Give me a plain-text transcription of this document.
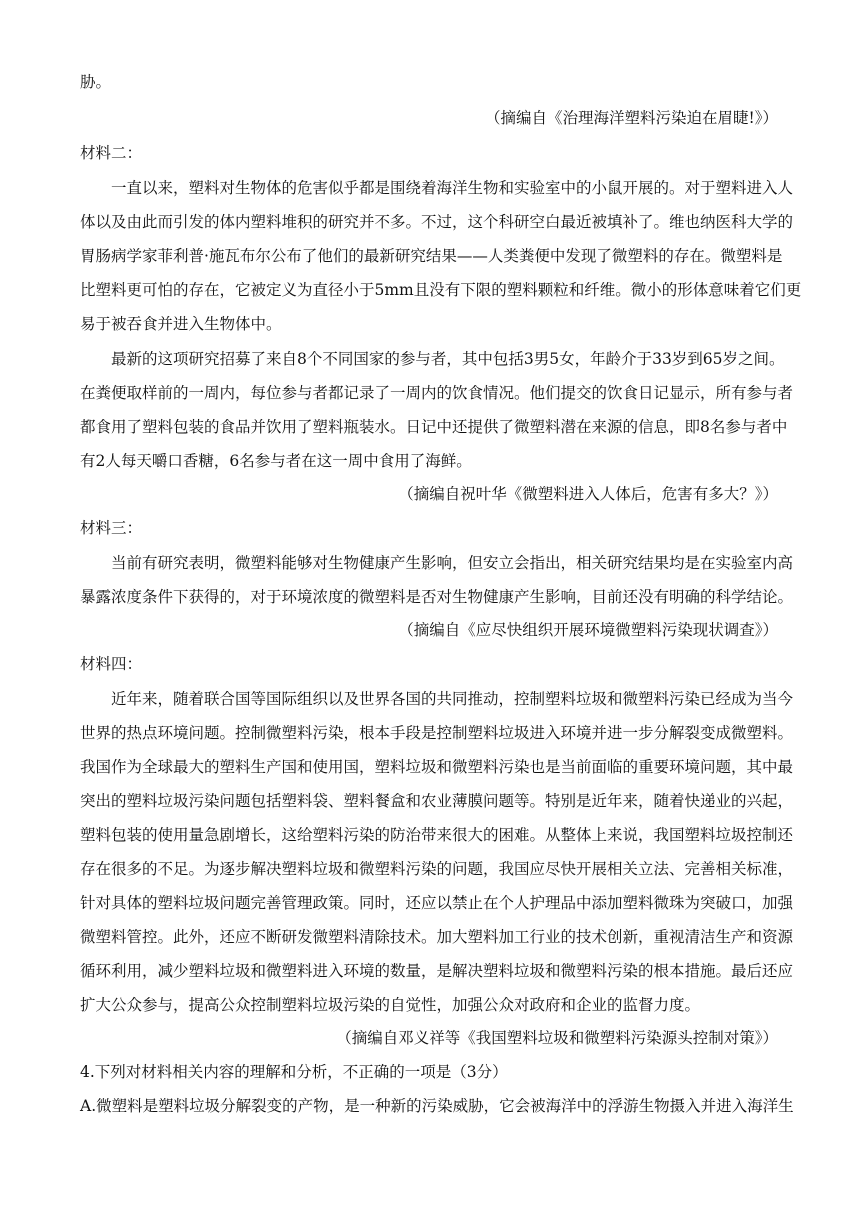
胁。
（摘编自《治理海洋塑料污染迫在眉睫!》）
材料二：
一直以来，塑料对生物体的危害似乎都是围绕着海洋生物和实验室中的小鼠开展的。对于塑料进入人
体以及由此而引发的体内塑料堆积的研究并不多。不过，这个科研空白最近被填补了。维也纳医科大学的
胃肠病学家菲利普·施瓦布尔公布了他们的最新研究结果——人类粪便中发现了微塑料的存在。微塑料是
比塑料更可怕的存在，它被定义为直径小于5mm且没有下限的塑料颗粒和纤维。微小的形体意味着它们更
易于被吞食并进入生物体中。
最新的这项研究招募了来自8个不同国家的参与者，其中包括3男5女，年龄介于33岁到65岁之间。
在粪便取样前的一周内，每位参与者都记录了一周内的饮食情况。他们提交的饮食日记显示，所有参与者
都食用了塑料包装的食品并饮用了塑料瓶装水。日记中还提供了微塑料潜在来源的信息，即8名参与者中
有2人每天嚼口香糖，6名参与者在这一周中食用了海鲜。
（摘编自祝叶华《微塑料进入人体后，危害有多大？》）
材料三：
当前有研究表明，微塑料能够对生物健康产生影响，但安立会指出，相关研究结果均是在实验室内高
暴露浓度条件下获得的，对于环境浓度的微塑料是否对生物健康产生影响，目前还没有明确的科学结论。
（摘编自《应尽快组织开展环境微塑料污染现状调查》）
材料四：
近年来，随着联合国等国际组织以及世界各国的共同推动，控制塑料垃圾和微塑料污染已经成为当今
世界的热点环境问题。控制微塑料污染，根本手段是控制塑料垃圾进入环境并进一步分解裂变成微塑料。
我国作为全球最大的塑料生产国和使用国，塑料垃圾和微塑料污染也是当前面临的重要环境问题，其中最
突出的塑料垃圾污染问题包括塑料袋、塑料餐盒和农业薄膜问题等。特别是近年来，随着快递业的兴起，
塑料包装的使用量急剧增长，这给塑料污染的防治带来很大的困难。从整体上来说，我国塑料垃圾控制还
存在很多的不足。为逐步解决塑料垃圾和微塑料污染的问题，我国应尽快开展相关立法、完善相关标准，
针对具体的塑料垃圾问题完善管理政策。同时，还应以禁止在个人护理品中添加塑料微珠为突破口，加强
微塑料管控。此外，还应不断研发微塑料清除技术。加大塑料加工行业的技术创新，重视清洁生产和资源
循环利用，减少塑料垃圾和微塑料进入环境的数量，是解决塑料垃圾和微塑料污染的根本措施。最后还应
扩大公众参与，提高公众控制塑料垃圾污染的自觉性，加强公众对政府和企业的监督力度。
（摘编自邓义祥等《我国塑料垃圾和微塑料污染源头控制对策》）
4.下列对材料相关内容的理解和分析，不正确的一项是（3分）
A.微塑料是塑料垃圾分解裂变的产物，是一种新的污染威胁，它会被海洋中的浮游生物摄入并进入海洋生
